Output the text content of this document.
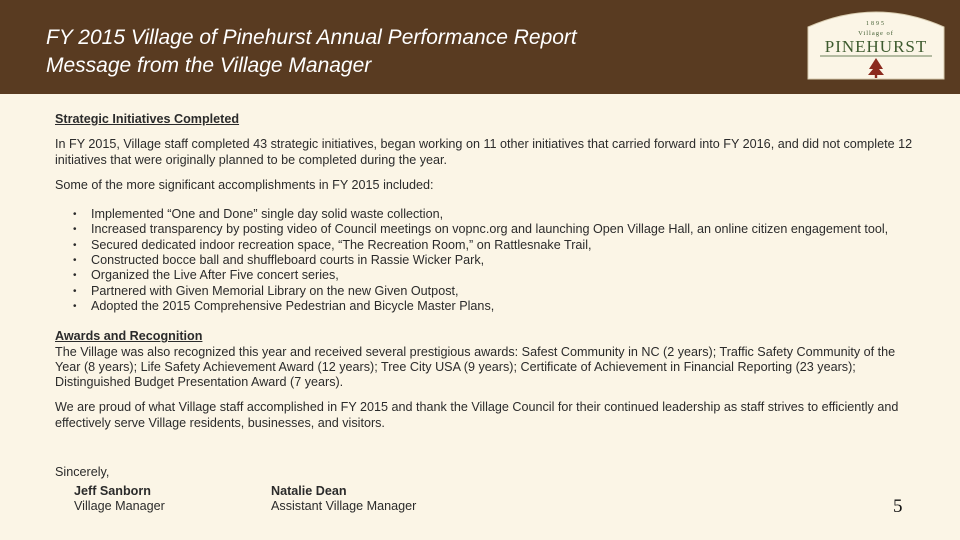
FY 2015 Village of Pinehurst Annual Performance Report
Message from the Village Manager
1895
Village of
PINEHURST
Strategic Initiatives Completed

In FY 2015, Village staff completed 43 strategic initiatives, began working on 11 other initiatives that carried forward into FY 2016, and did not complete 12 initiatives that were originally planned to be completed during the year.

Some of the more significant accomplishments in FY 2015 included:

• Implemented “One and Done” single day solid waste collection,
• Increased transparency by posting video of Council meetings on vopnc.org and launching Open Village Hall, an online citizen engagement tool,
• Secured dedicated indoor recreation space, “The Recreation Room,” on Rattlesnake Trail,
• Constructed bocce ball and shuffleboard courts in Rassie Wicker Park,
• Organized the Live After Five concert series,
• Partnered with Given Memorial Library on the new Given Outpost,
• Adopted the 2015 Comprehensive Pedestrian and Bicycle Master Plans,
Awards and Recognition

The Village was also recognized this year and received several prestigious awards: Safest Community in NC (2 years); Traffic Safety Community of the Year (8 years); Life Safety Achievement Award (12 years); Tree City USA (9 years); Certificate of Achievement in Financial Reporting (23 years); Distinguished Budget Presentation Award (7 years).

We are proud of what Village staff accomplished in FY 2015 and thank the Village Council for their continued leadership as staff strives to efficiently and effectively serve Village residents, businesses, and visitors.

Sincerely,
Jeff Sanborn
Village Manager
Natalie Dean
Assistant Village Manager	5
